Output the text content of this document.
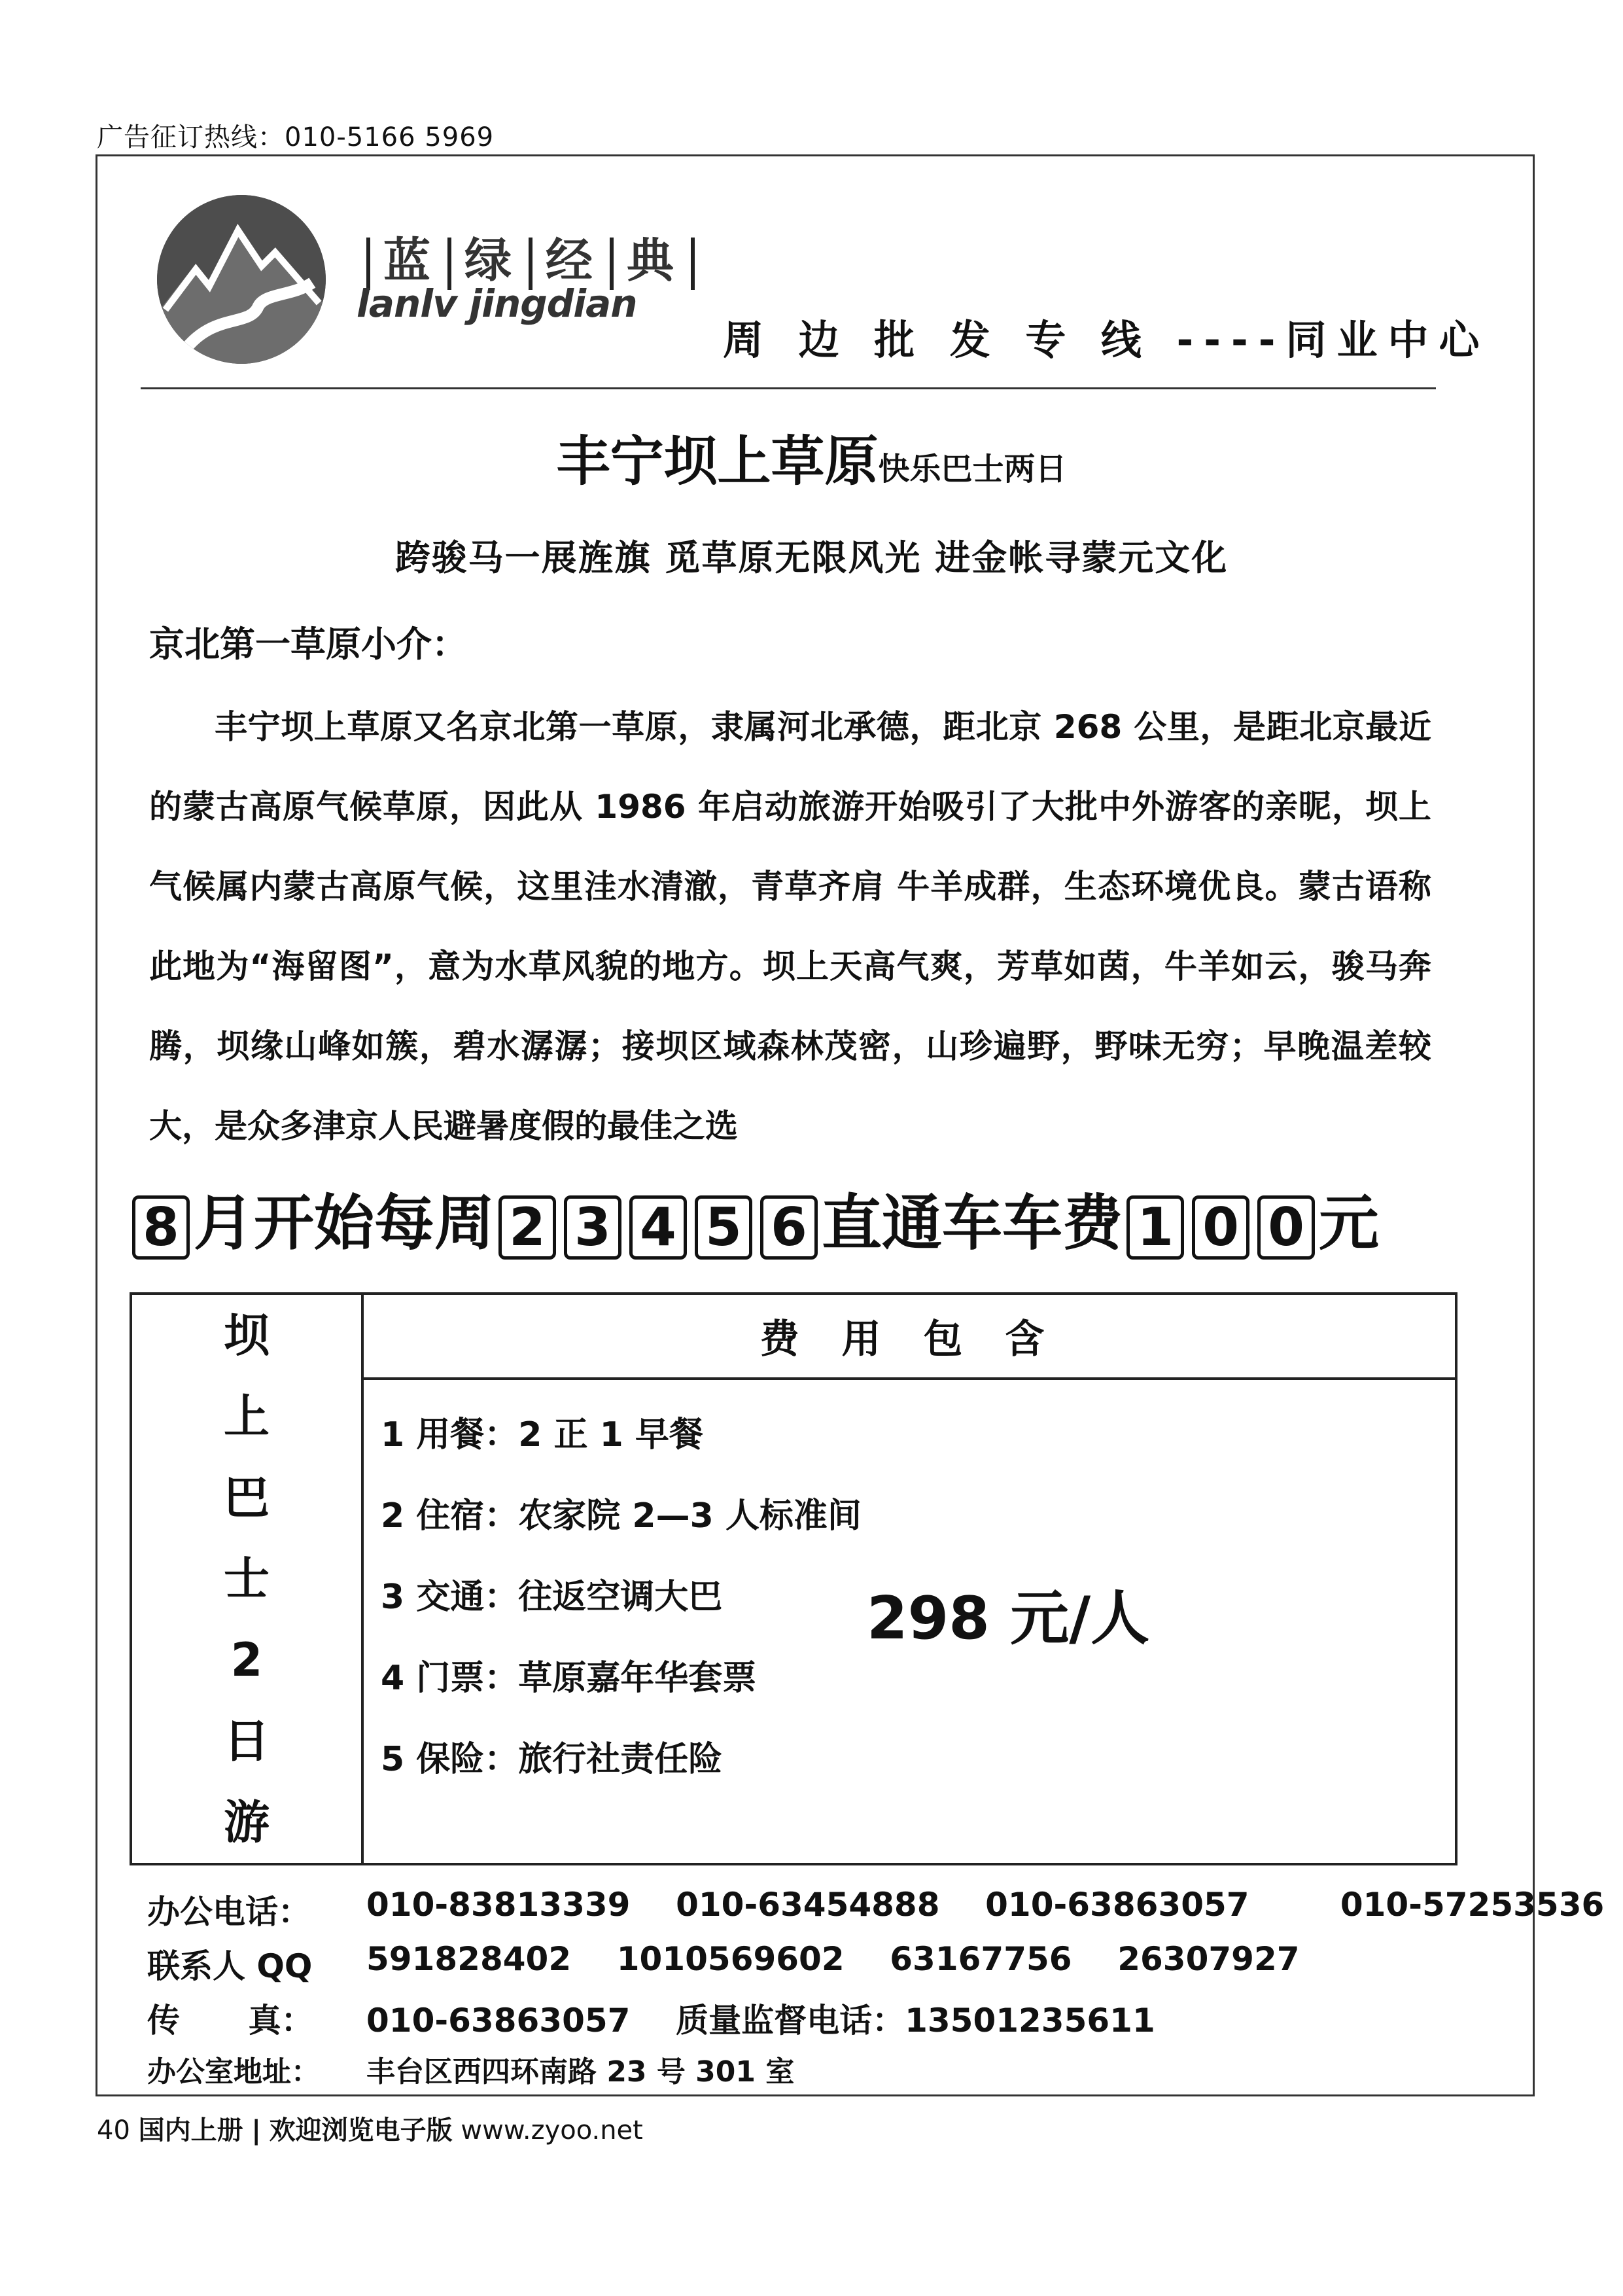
广告征订热线：010-5166 5969
蓝 绿 经 典
lanlv jingdian
周 边 批 发 专 线 ----同业中心
丰宁坝上草原快乐巴士两日
跨骏马一展旌旗 觅草原无限风光 进金帐寻蒙元文化
京北第一草原小介：

丰宁坝上草原又名京北第一草原，隶属河北承德，距北京 268 公里，是距北京最近的蒙古高原气候草原，因此从 1986 年启动旅游开始吸引了大批中外游客的亲昵，坝上气候属内蒙古高原气候，这里洼水清澈，青草齐肩 牛羊成群，生态环境优良。蒙古语称此地为“海留图”，意为水草风貌的地方。坝上天高气爽，芳草如茵，牛羊如云，骏马奔腾，坝缘山峰如簇，碧水潺潺；接坝区域森林茂密，山珍遍野，野味无穷；早晚温差较大，是众多津京人民避暑度假的最佳之选

8 月开始每周 2 3 4 5 6 直通车车费 1 0 0 元
坝
上
巴
士
2
日
游
	费 用 包 含

1 用餐：2 正 1 早餐
2 住宿：农家院 2—3 人标准间
3 交通：往返空调大巴
4 门票：草原嘉年华套票
5 保险：旅行社责任险
298 元/人
办公电话： 010-83813339    010-63454888    010-63863057        010-57253536
联系人 QQ 591828402    1010569602    63167756    26307927
传      真： 010-63863057    质量监督电话：13501235611
办公室地址： 丰台区西四环南路 23 号 301 室
40 国内上册 | 欢迎浏览电子版 www.zyoo.net
